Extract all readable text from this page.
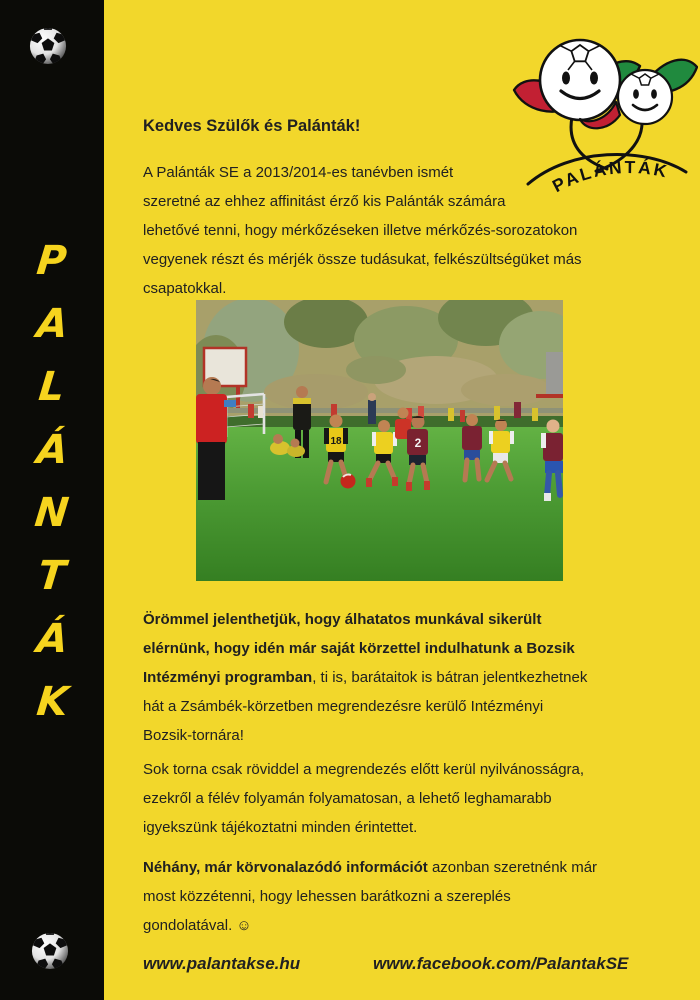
P
A
L
Á
N
T
Á
K
PALÁNTÁK
Kedves Szülők és Palánták!
A Palánták SE a 2013/2014-es tanévben ismét
szeretné az ehhez affinitást érző kis Palánták számára
lehetővé tenni, hogy mérkőzéseken illetve mérkőzés-sorozatokon
vegyenek részt és mérjék össze tudásukat, felkészültségüket más
csapatokkal.
18	2
Örömmel jelenthetjük, hogy álhatatos munkával sikerült
elérnünk, hogy idén már saját körzettel indulhatunk a Bozsik
Intézményi programban, ti is, barátaitok is bátran jelentkezhetnek
hát a Zsámbék-körzetben megrendezésre kerülő Intézményi
Bozsik-tornára!
Sok torna csak röviddel a megrendezés előtt kerül nyilvánosságra,
ezekről a félév folyamán folyamatosan, a lehető leghamarabb
igyekszünk tájékoztatni minden érintettet.
Néhány, már körvonalazódó információt azonban szeretnénk már
most közzétenni, hogy lehessen barátkozni a szereplés
gondolatával. ☺
www.palantakse.hu	www.facebook.com/PalantakSE
